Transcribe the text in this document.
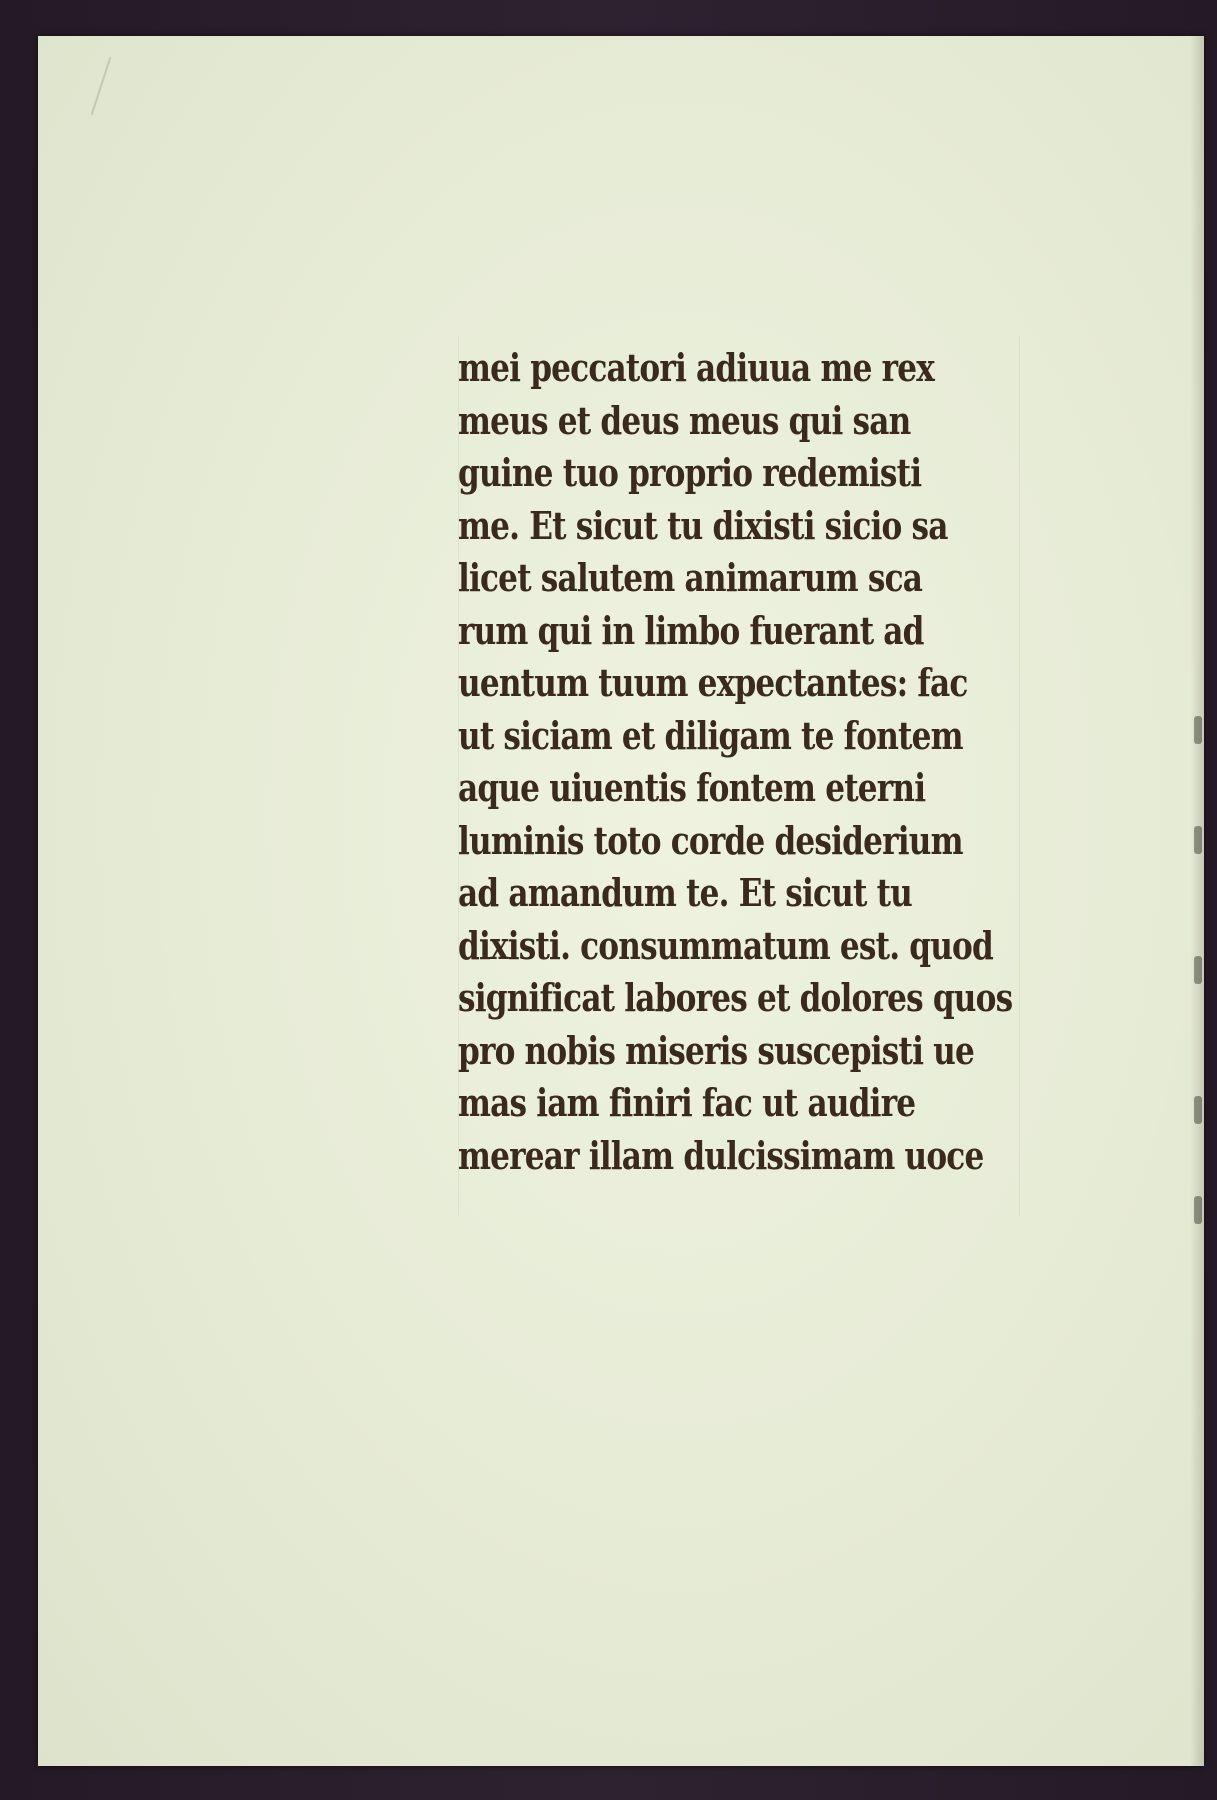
mei peccatori adiuua me rex
meus et deus meus qui san
guine tuo proprio redemisti
me. Et sicut tu dixisti sicio sa
licet salutem animarum sca
rum qui in limbo fuerant ad
uentum tuum expectantes: fac
ut siciam et diligam te fontem
aque uiuentis fontem eterni
luminis toto corde desiderium
ad amandum te. Et sicut tu
dixisti. consummatum est. quod
significat labores et dolores quos
pro nobis miseris suscepisti ue
mas iam finiri fac ut audire
merear illam dulcissimam uoce
